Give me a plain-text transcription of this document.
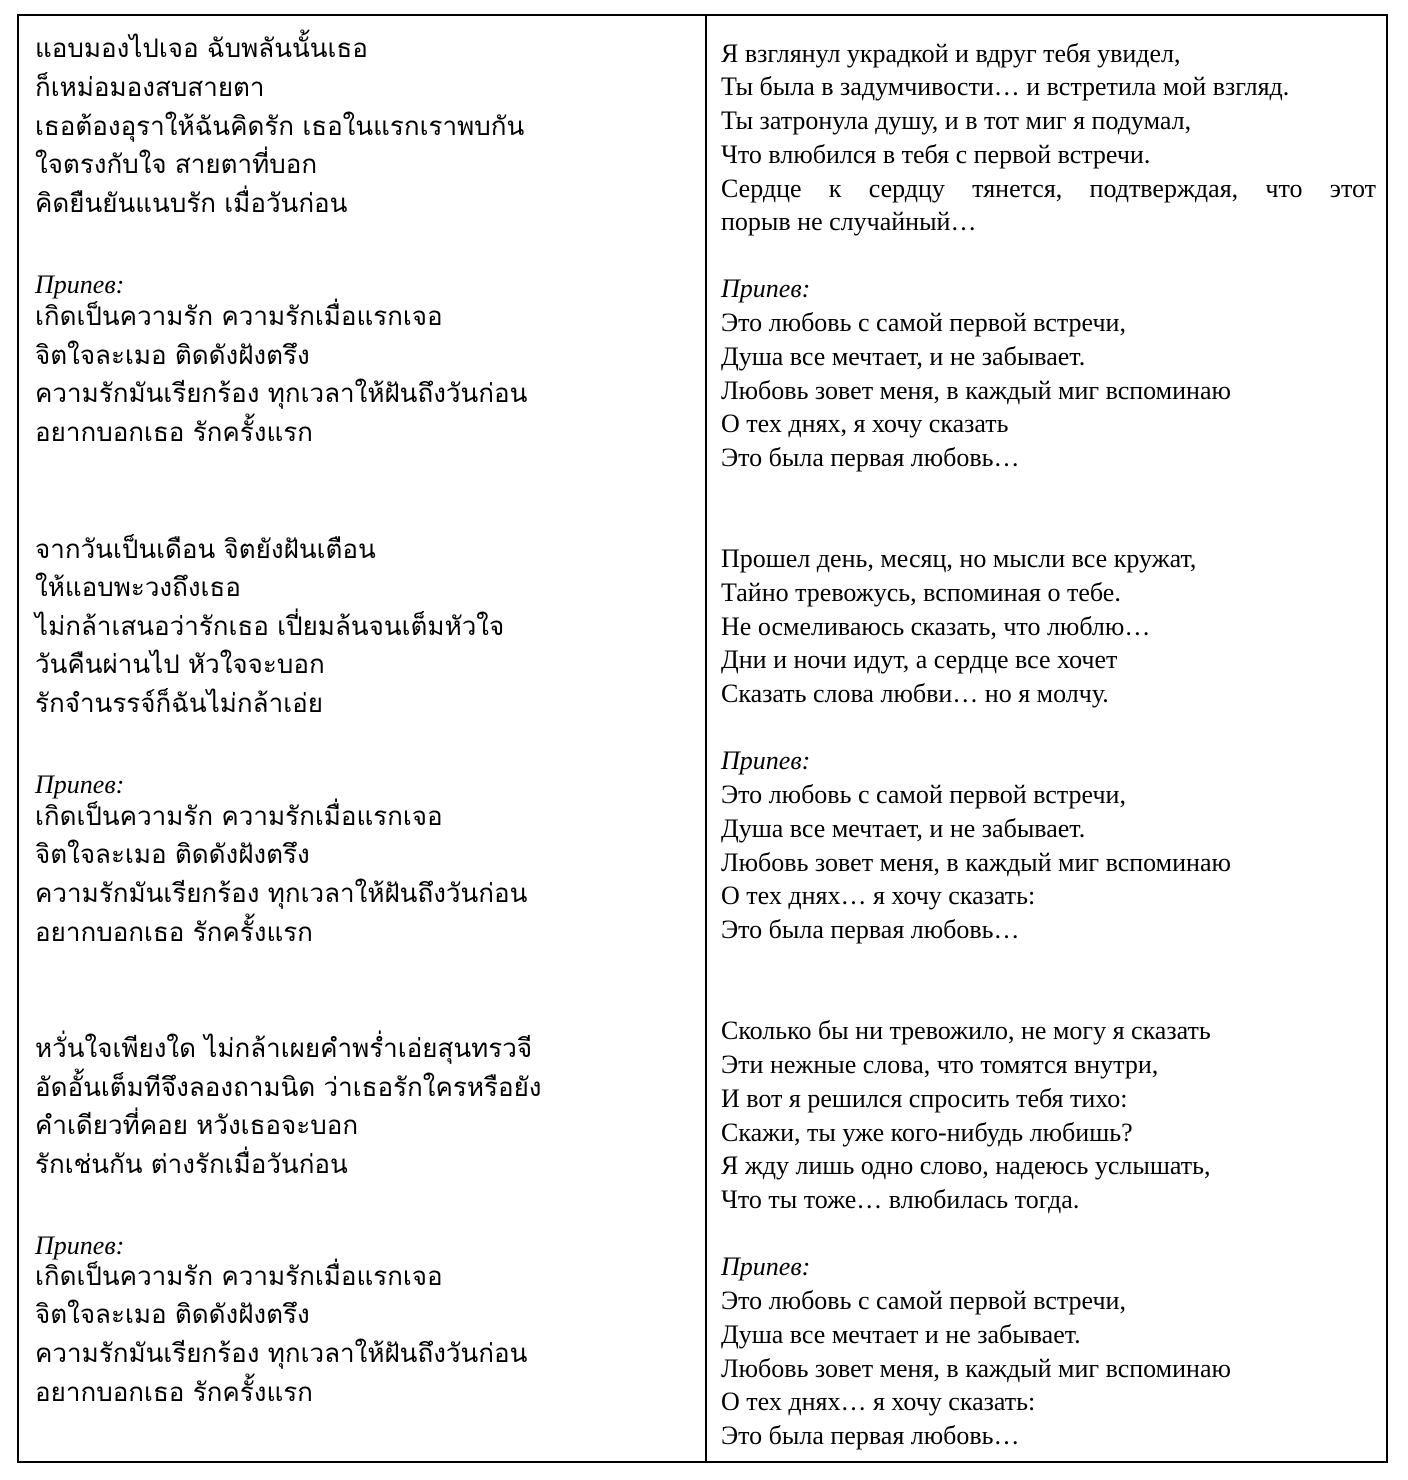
แอบมองไปเจอ ฉับพลันนั้นเธอ

ก็เหม่อมองสบสายตา

เธอต้องอุราให้ฉันคิดรัก เธอในแรกเราพบกัน

ใจตรงกับใจ สายตาที่บอก

คิดยืนยันแนบรัก เมื่อวันก่อน

Припев:

เกิดเป็นความรัก ความรักเมื่อแรกเจอ

จิตใจละเมอ ติดดังฝังตรึง

ความรักมันเรียกร้อง ทุกเวลาให้ฝันถึงวันก่อน

อยากบอกเธอ รักครั้งแรก

จากวันเป็นเดือน จิตยังฝันเตือน

ให้แอบพะวงถึงเธอ

ไม่กล้าเสนอว่ารักเธอ เปี่ยมล้นจนเต็มหัวใจ

วันคืนผ่านไป หัวใจจะบอก

รักจำนรรจ์ก็ฉันไม่กล้าเอ่ย

Припев:

เกิดเป็นความรัก ความรักเมื่อแรกเจอ

จิตใจละเมอ ติดดังฝังตรึง

ความรักมันเรียกร้อง ทุกเวลาให้ฝันถึงวันก่อน

อยากบอกเธอ รักครั้งแรก

หวั่นใจเพียงใด ไม่กล้าเผยคำพร่ำเอ่ยสุนทรวจี

อัดอั้นเต็มทีจึงลองถามนิด ว่าเธอรักใครหรือยัง

คำเดียวที่คอย หวังเธอจะบอก

รักเช่นกัน ต่างรักเมื่อวันก่อน

Припев:

เกิดเป็นความรัก ความรักเมื่อแรกเจอ

จิตใจละเมอ ติดดังฝังตรึง

ความรักมันเรียกร้อง ทุกเวลาให้ฝันถึงวันก่อน

อยากบอกเธอ รักครั้งแรก

Я взглянул украдкой и вдруг тебя увидел,

Ты была в задумчивости… и встретила мой взгляд.

Ты затронула душу, и в тот миг я подумал,

Что влюбился в тебя с первой встречи.

Сердце к сердцу тянется, подтверждая, что этот

порыв не случайный…

Припев:

Это любовь с самой первой встречи,

Душа все мечтает, и не забывает.

Любовь зовет меня, в каждый миг вспоминаю

О тех днях, я хочу сказать

Это была первая любовь…

Прошел день, месяц, но мысли все кружат,

Тайно тревожусь, вспоминая о тебе.

Не осмеливаюсь сказать, что люблю…

Дни и ночи идут, а сердце все хочет

Сказать слова любви… но я молчу.

Припев:

Это любовь с самой первой встречи,

Душа все мечтает, и не забывает.

Любовь зовет меня, в каждый миг вспоминаю

О тех днях… я хочу сказать:

Это была первая любовь…

Сколько бы ни тревожило, не могу я сказать

Эти нежные слова, что томятся внутри,

И вот я решился спросить тебя тихо:

Скажи, ты уже кого-нибудь любишь?

Я жду лишь одно слово, надеюсь услышать,

Что ты тоже… влюбилась тогда.

Припев:

Это любовь с самой первой встречи,

Душа все мечтает и не забывает.

Любовь зовет меня, в каждый миг вспоминаю

О тех днях… я хочу сказать:

Это была первая любовь…
